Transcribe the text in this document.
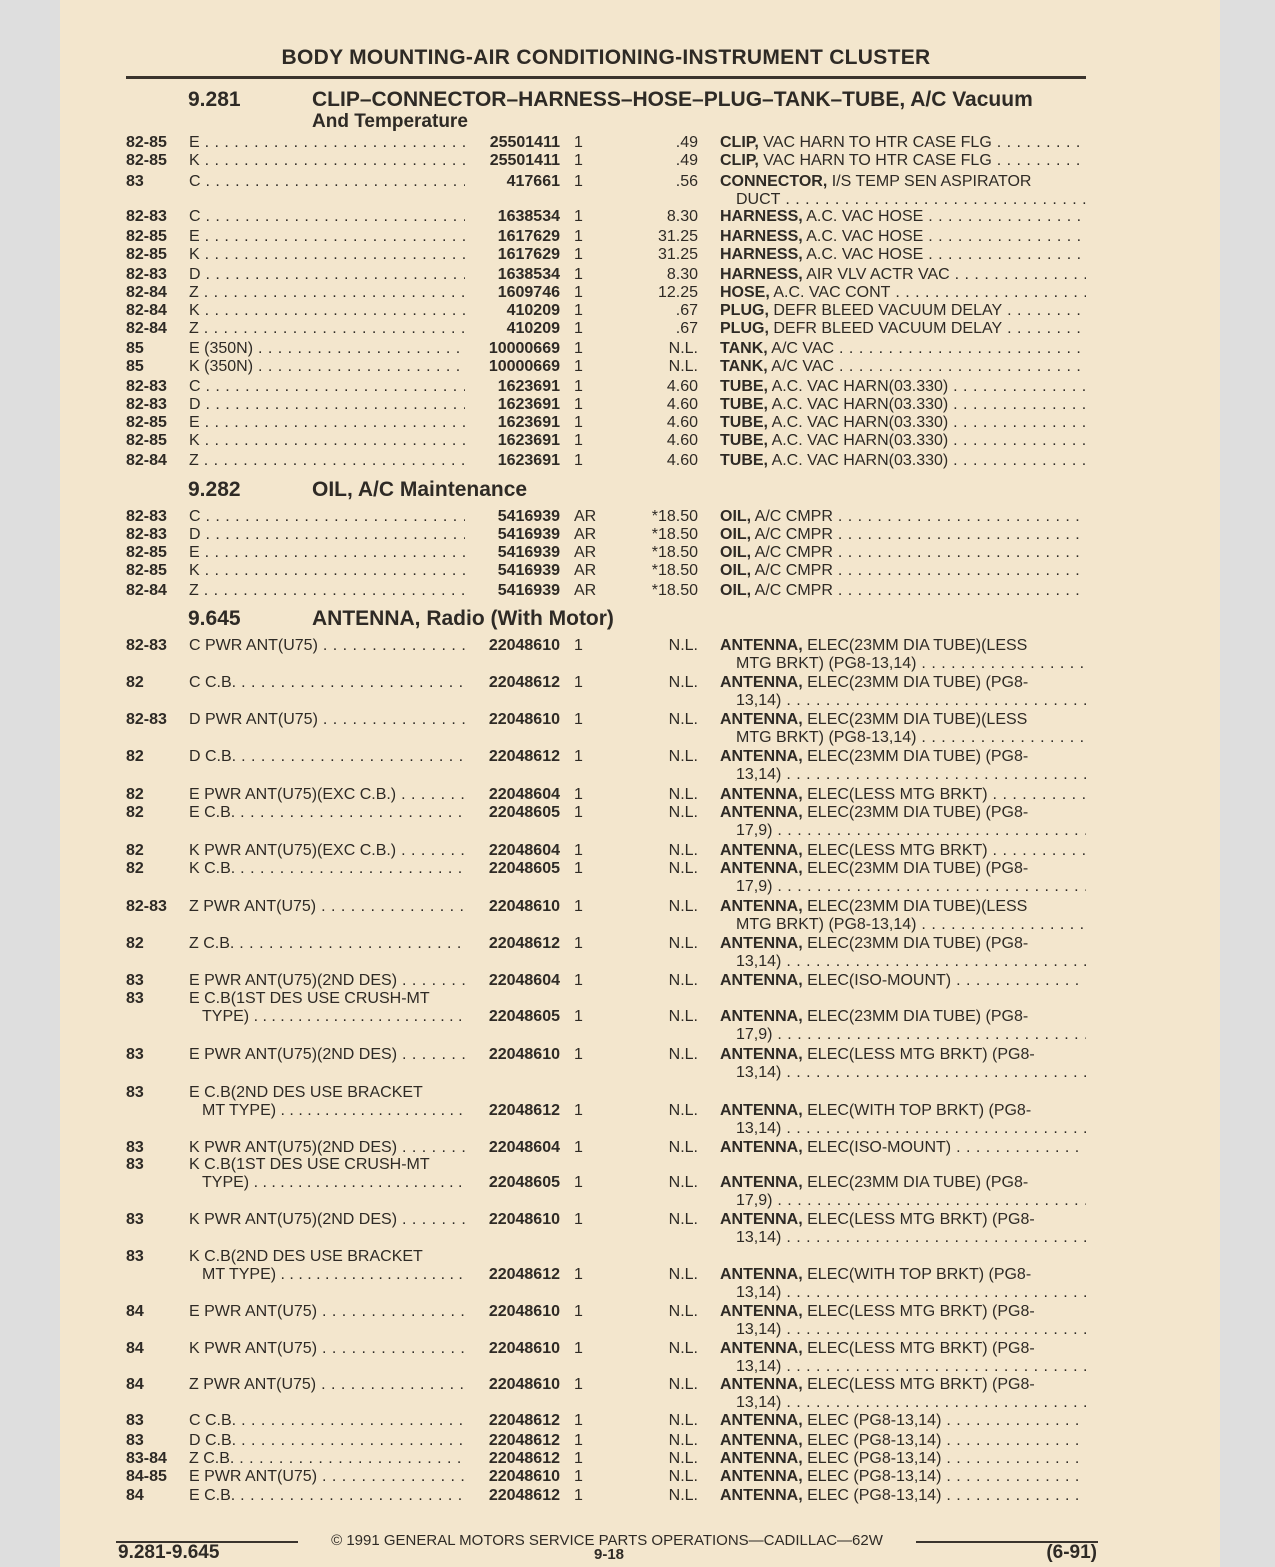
BODY MOUNTING-AIR CONDITIONING-INSTRUMENT CLUSTER
9.281	CLIP–CONNECTOR–HARNESS–HOSE–PLUG–TANK–TUBE, A/C Vacuum
And Temperature
82-85	E . . .	25501411 1	.49 CLIP, VAC HARN TO HTR CASE FLG . . .
82-85	K . . .	25501411 1	.49 CLIP, VAC HARN TO HTR CASE FLG . . .
83	C . . .	417661 1	.56 CONNECTOR, I/S TEMP SEN ASPIRATOR
DUCT . . .
82-83	C . . .	1638534 1	8.30 HARNESS, A.C. VAC HOSE . . .
82-85	E . . .	1617629 1	31.25 HARNESS, A.C. VAC HOSE . . .
82-85	K . . .	1617629 1	31.25 HARNESS, A.C. VAC HOSE . . .
82-83	D . . .	1638534 1	8.30 HARNESS, AIR VLV ACTR VAC . . .
82-84	Z . . .	1609746 1	12.25 HOSE, A.C. VAC CONT . . .
82-84	K . . .	410209 1	.67 PLUG, DEFR BLEED VACUUM DELAY . . .
82-84	Z . . .	410209 1	.67 PLUG, DEFR BLEED VACUUM DELAY . . .
85	E (350N) . . .	10000669 1	N.L. TANK, A/C VAC . . .
85	K (350N) . . .	10000669 1	N.L. TANK, A/C VAC . . .
82-83	C . . .	1623691 1	4.60 TUBE, A.C. VAC HARN(03.330) . . .
82-83	D . . .	1623691 1	4.60 TUBE, A.C. VAC HARN(03.330) . . .
82-85	E . . .	1623691 1	4.60 TUBE, A.C. VAC HARN(03.330) . . .
82-85	K . . .	1623691 1	4.60 TUBE, A.C. VAC HARN(03.330) . . .
82-84	Z . . .	1623691 1	4.60 TUBE, A.C. VAC HARN(03.330) . . .
9.282	OIL, A/C Maintenance
82-83	C . . .	5416939 AR	*18.50 OIL, A/C CMPR . . .
82-83	D . . .	5416939 AR	*18.50 OIL, A/C CMPR . . .
82-85	E . . .	5416939 AR	*18.50 OIL, A/C CMPR . . .
82-85	K . . .	5416939 AR	*18.50 OIL, A/C CMPR . . .
82-84	Z . . .	5416939 AR	*18.50 OIL, A/C CMPR . . .
9.645	ANTENNA, Radio (With Motor)
82-83	C PWR ANT(U75) . . .	22048610 1	N.L. ANTENNA, ELEC(23MM DIA TUBE)(LESS
MTG BRKT) (PG8-13,14) . . .
82	C C.B. . . .	22048612 1	N.L. ANTENNA, ELEC(23MM DIA TUBE) (PG8-
13,14) . . .
82-83	D PWR ANT(U75) . . .	22048610 1	N.L. ANTENNA, ELEC(23MM DIA TUBE)(LESS
MTG BRKT) (PG8-13,14) . . .
82	D C.B. . . .	22048612 1	N.L. ANTENNA, ELEC(23MM DIA TUBE) (PG8-
13,14) . . .
82	E PWR ANT(U75)(EXC C.B.) . . .	22048604 1	N.L. ANTENNA, ELEC(LESS MTG BRKT) . . .
82	E C.B. . . .	22048605 1	N.L. ANTENNA, ELEC(23MM DIA TUBE) (PG8-
17,9) . . .
82	K PWR ANT(U75)(EXC C.B.) . . .	22048604 1	N.L. ANTENNA, ELEC(LESS MTG BRKT) . . .
82	K C.B. . . .	22048605 1	N.L. ANTENNA, ELEC(23MM DIA TUBE) (PG8-
17,9) . . .
82-83	Z PWR ANT(U75) . . .	22048610 1	N.L. ANTENNA, ELEC(23MM DIA TUBE)(LESS
MTG BRKT) (PG8-13,14) . . .
82	Z C.B. . . .	22048612 1	N.L. ANTENNA, ELEC(23MM DIA TUBE) (PG8-
13,14) . . .
83	E PWR ANT(U75)(2ND DES) . . .	22048604 1	N.L. ANTENNA, ELEC(ISO-MOUNT) . . .
83	E C.B(1ST DES USE CRUSH-MT
TYPE) . . .	22048605 1	N.L. ANTENNA, ELEC(23MM DIA TUBE) (PG8-
17,9) . . .
83	E PWR ANT(U75)(2ND DES) . . .	22048610 1	N.L. ANTENNA, ELEC(LESS MTG BRKT) (PG8-
13,14) . . .
83	E C.B(2ND DES USE BRACKET
MT TYPE) . . .	22048612 1	N.L. ANTENNA, ELEC(WITH TOP BRKT) (PG8-
13,14) . . .
83	K PWR ANT(U75)(2ND DES) . . .	22048604 1	N.L. ANTENNA, ELEC(ISO-MOUNT) . . .
83	K C.B(1ST DES USE CRUSH-MT
TYPE) . . .	22048605 1	N.L. ANTENNA, ELEC(23MM DIA TUBE) (PG8-
17,9) . . .
83	K PWR ANT(U75)(2ND DES) . . .	22048610 1	N.L. ANTENNA, ELEC(LESS MTG BRKT) (PG8-
13,14) . . .
83	K C.B(2ND DES USE BRACKET
MT TYPE) . . .	22048612 1	N.L. ANTENNA, ELEC(WITH TOP BRKT) (PG8-
13,14) . . .
84	E PWR ANT(U75) . . .	22048610 1	N.L. ANTENNA, ELEC(LESS MTG BRKT) (PG8-
13,14) . . .
84	K PWR ANT(U75) . . .	22048610 1	N.L. ANTENNA, ELEC(LESS MTG BRKT) (PG8-
13,14) . . .
84	Z PWR ANT(U75) . . .	22048610 1	N.L. ANTENNA, ELEC(LESS MTG BRKT) (PG8-
13,14) . . .
83	C C.B. . . .	22048612 1	N.L. ANTENNA, ELEC (PG8-13,14) . . .
83	D C.B. . . .	22048612 1	N.L. ANTENNA, ELEC (PG8-13,14) . . .
83-84	Z C.B. . . .	22048612 1	N.L. ANTENNA, ELEC (PG8-13,14) . . .
84-85	E PWR ANT(U75) . . .	22048610 1	N.L. ANTENNA, ELEC (PG8-13,14) . . .
84	E C.B. . . .	22048612 1	N.L. ANTENNA, ELEC (PG8-13,14) . . .
© 1991 GENERAL MOTORS SERVICE PARTS OPERATIONS—CADILLAC—62W
9.281-9.645	9-18	(6-91)
